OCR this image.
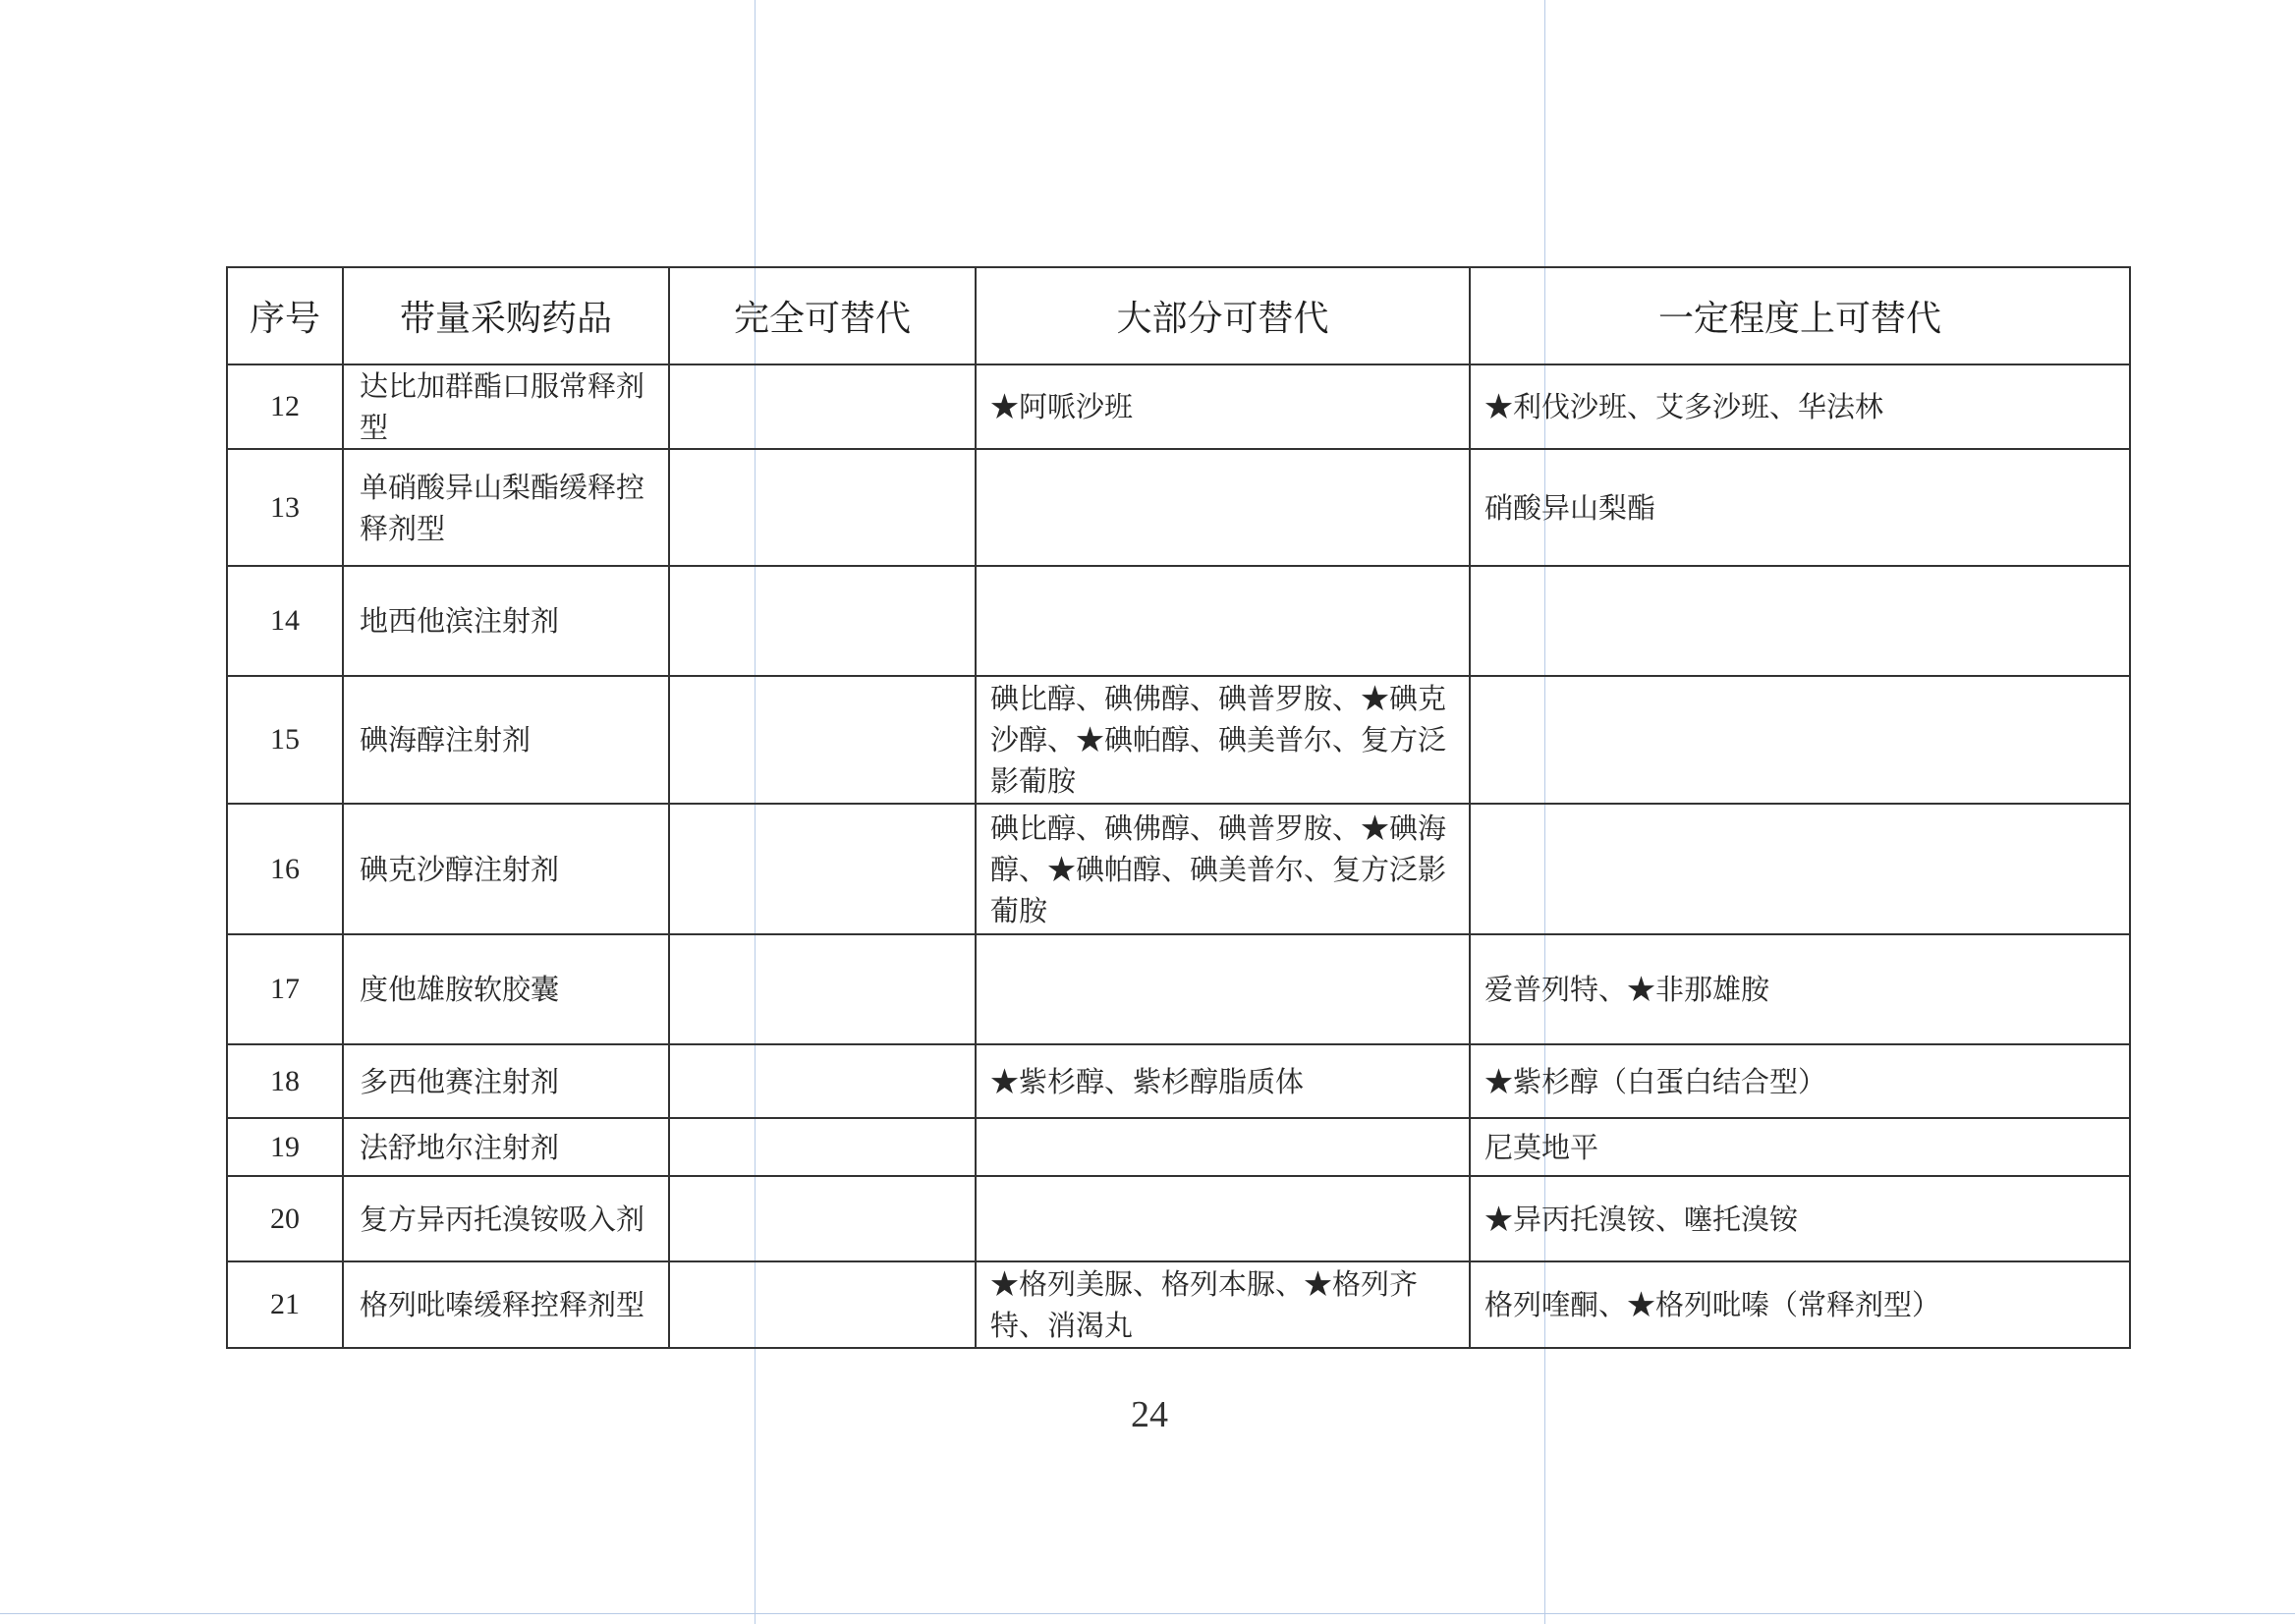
序号	带量采购药品	完全可替代	大部分可替代	一定程度上可替代
12	达比加群酯口服常释剂型		★阿哌沙班	★利伐沙班、艾多沙班、华法林
13	单硝酸异山梨酯缓释控释剂型			硝酸异山梨酯
14	地西他滨注射剂			
15	碘海醇注射剂		碘比醇、碘佛醇、碘普罗胺、★碘克沙醇、★碘帕醇、碘美普尔、复方泛影葡胺	
16	碘克沙醇注射剂		碘比醇、碘佛醇、碘普罗胺、★碘海醇、★碘帕醇、碘美普尔、复方泛影葡胺	
17	度他雄胺软胶囊			爱普列特、★非那雄胺
18	多西他赛注射剂		★紫杉醇、紫杉醇脂质体	★紫杉醇（白蛋白结合型）
19	法舒地尔注射剂			尼莫地平
20	复方异丙托溴铵吸入剂			★异丙托溴铵、噻托溴铵
21	格列吡嗪缓释控释剂型		★格列美脲、格列本脲、★格列齐特、消渴丸	格列喹酮、★格列吡嗪（常释剂型）
24
